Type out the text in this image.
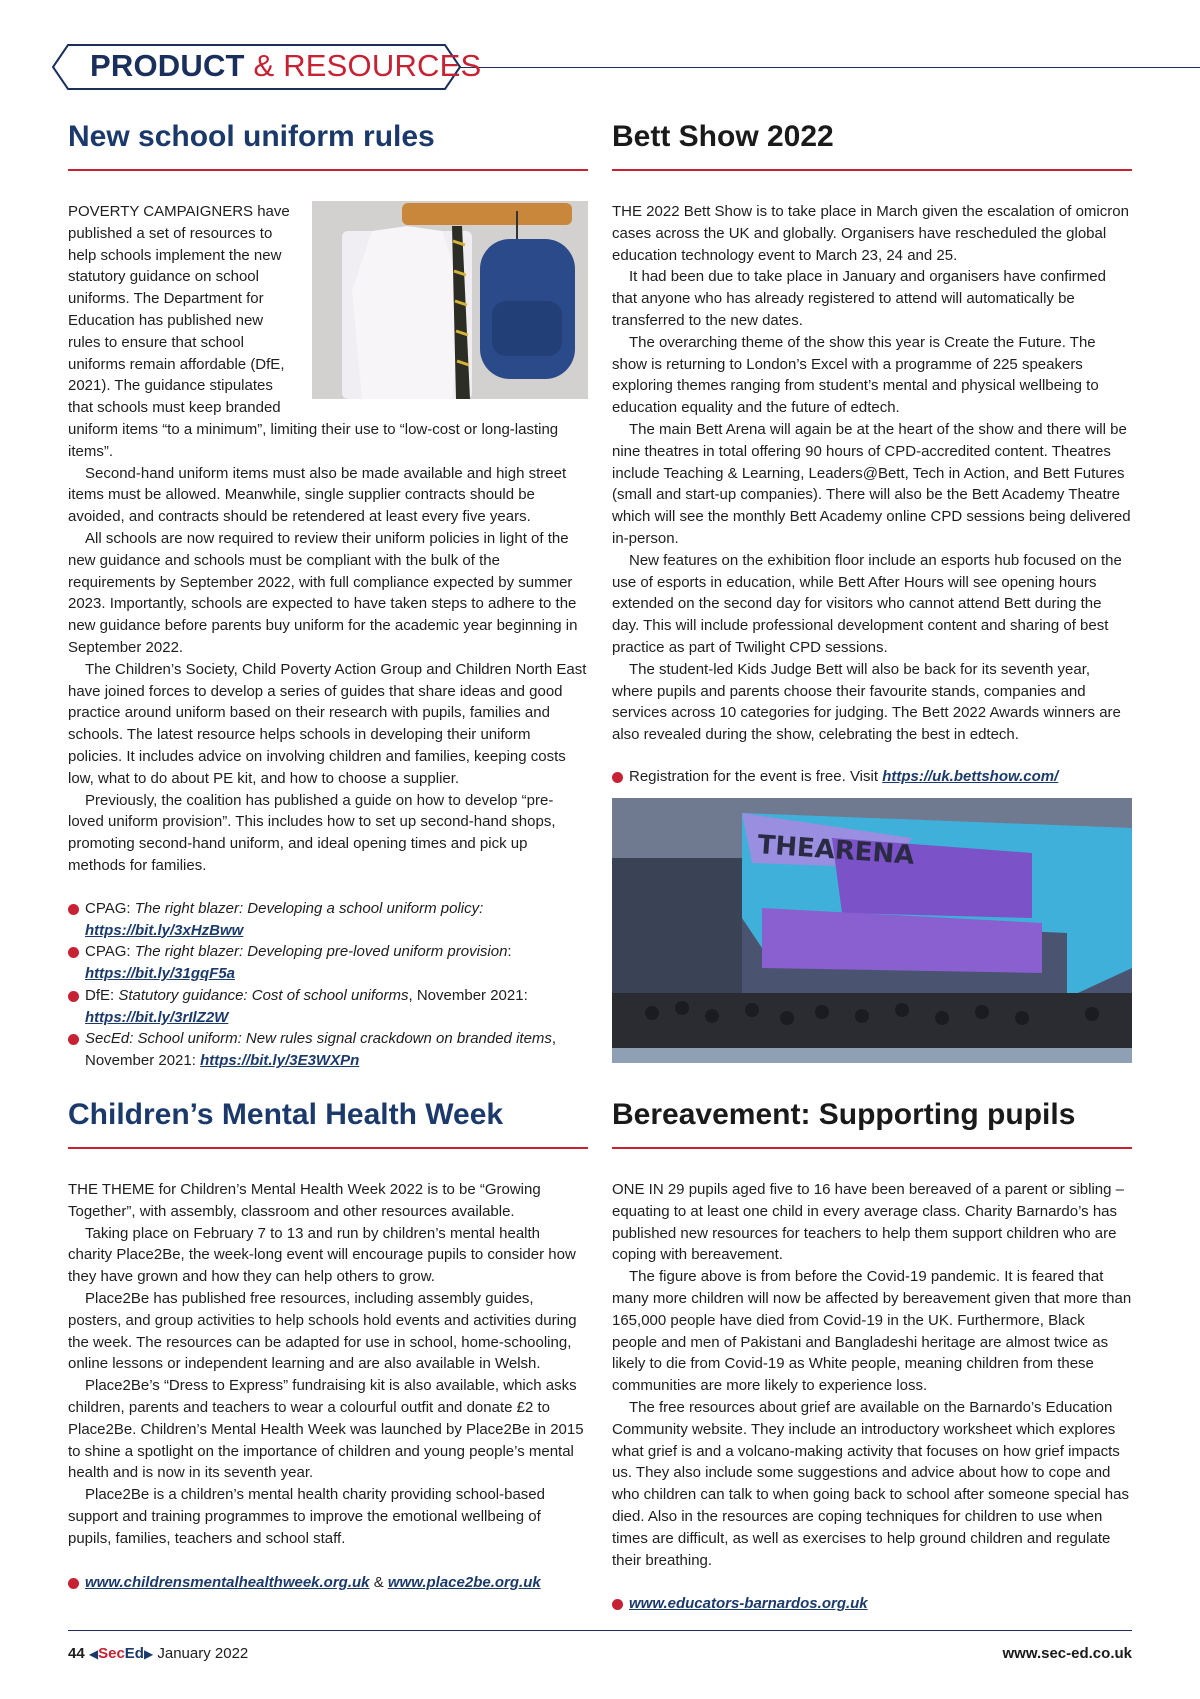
PRODUCT & RESOURCES
New school uniform rules

POVERTY CAMPAIGNERS have published a set of resources to help schools implement the new statutory guidance on school uniforms. The Department for Education has published new rules to ensure that school uniforms remain affordable (DfE, 2021). The guidance stipulates that schools must keep branded uniform items “to a minimum”, limiting their use to “low-cost or long-lasting items”.

Second-hand uniform items must also be made available and high street items must be allowed. Meanwhile, single supplier contracts should be avoided, and contracts should be retendered at least every five years.

All schools are now required to review their uniform policies in light of the new guidance and schools must be compliant with the bulk of the requirements by September 2022, with full compliance expected by summer 2023. Importantly, schools are expected to have taken steps to adhere to the new guidance before parents buy uniform for the academic year beginning in September 2022.

The Children’s Society, Child Poverty Action Group and Children North East have joined forces to develop a series of guides that share ideas and good practice around uniform based on their research with pupils, families and schools. The latest resource helps schools in developing their uniform policies. It includes advice on involving children and families, keeping costs low, what to do about PE kit, and how to choose a supplier.

Previously, the coalition has published a guide on how to develop “pre-loved uniform provision”. This includes how to set up second-hand shops, promoting second-hand uniform, and ideal opening times and pick up methods for families.

CPAG: The right blazer: Developing a school uniform policy:
https://bit.ly/3xHzBww
CPAG: The right blazer: Developing pre-loved uniform provision:
https://bit.ly/31gqF5a
DfE: Statutory guidance: Cost of school uniforms, November 2021:
https://bit.ly/3rIlZ2W
SecEd: School uniform: New rules signal crackdown on branded items, November 2021: https://bit.ly/3E3WXPn
Bett Show 2022

THE 2022 Bett Show is to take place in March given the escalation of omicron cases across the UK and globally. Organisers have rescheduled the global education technology event to March 23, 24 and 25.

It had been due to take place in January and organisers have confirmed that anyone who has already registered to attend will automatically be transferred to the new dates.

The overarching theme of the show this year is Create the Future. The show is returning to London’s Excel with a programme of 225 speakers exploring themes ranging from student’s mental and physical wellbeing to education equality and the future of edtech.

The main Bett Arena will again be at the heart of the show and there will be nine theatres in total offering 90 hours of CPD-accredited content. Theatres include Teaching & Learning, Leaders@Bett, Tech in Action, and Bett Futures (small and start-up companies). There will also be the Bett Academy Theatre which will see the monthly Bett Academy online CPD sessions being delivered in-person.

New features on the exhibition floor include an esports hub focused on the use of esports in education, while Bett After Hours will see opening hours extended on the second day for visitors who cannot attend Bett during the day. This will include professional development content and sharing of best practice as part of Twilight CPD sessions.

The student-led Kids Judge Bett will also be back for its seventh year, where pupils and parents choose their favourite stands, companies and services across 10 categories for judging. The Bett 2022 Awards winners are also revealed during the show, celebrating the best in edtech.

Registration for the event is free. Visit https://uk.bettshow.com/
THEARENA
Children’s Mental Health Week

THE THEME for Children’s Mental Health Week 2022 is to be “Growing Together”, with assembly, classroom and other resources available.

Taking place on February 7 to 13 and run by children’s mental health charity Place2Be, the week-long event will encourage pupils to consider how they have grown and how they can help others to grow.

Place2Be has published free resources, including assembly guides, posters, and group activities to help schools hold events and activities during the week. The resources can be adapted for use in school, home-schooling, online lessons or independent learning and are also available in Welsh.

Place2Be’s “Dress to Express” fundraising kit is also available, which asks children, parents and teachers to wear a colourful outfit and donate £2 to Place2Be. Children’s Mental Health Week was launched by Place2Be in 2015 to shine a spotlight on the importance of children and young people’s mental health and is now in its seventh year.

Place2Be is a children’s mental health charity providing school-based support and training programmes to improve the emotional wellbeing of pupils, families, teachers and school staff.

www.childrensmentalhealthweek.org.uk & www.place2be.org.uk
Bereavement: Supporting pupils

ONE IN 29 pupils aged five to 16 have been bereaved of a parent or sibling – equating to at least one child in every average class. Charity Barnardo’s has published new resources for teachers to help them support children who are coping with bereavement.

The figure above is from before the Covid-19 pandemic. It is feared that many more children will now be affected by bereavement given that more than 165,000 people have died from Covid-19 in the UK. Furthermore, Black people and men of Pakistani and Bangladeshi heritage are almost twice as likely to die from Covid-19 as White people, meaning children from these communities are more likely to experience loss.

The free resources about grief are available on the Barnardo’s Education Community website. They include an introductory worksheet which explores what grief is and a volcano-making activity that focuses on how grief impacts us. They also include some suggestions and advice about how to cope and who children can talk to when going back to school after someone special has died. Also in the resources are coping techniques for children to use when times are difficult, as well as exercises to help ground children and regulate their breathing.

www.educators-barnardos.org.uk
44 ◀SecEd▶ January 2022	www.sec-ed.co.uk
